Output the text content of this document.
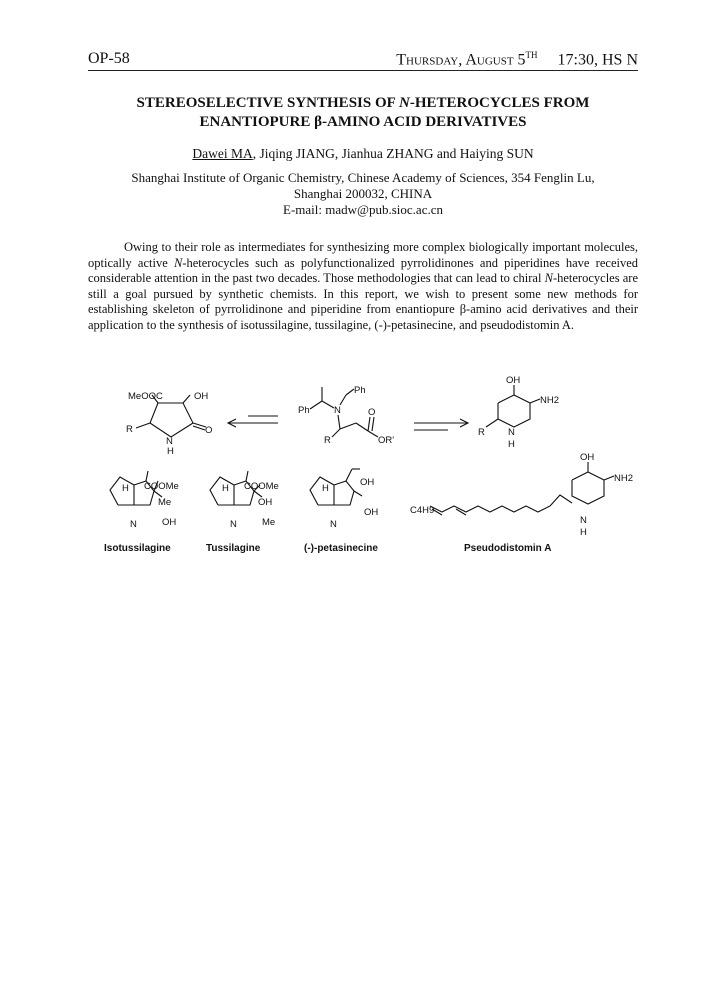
OP-58	Thursday, August 5TH 17:30, HS N
STEREOSELECTIVE SYNTHESIS OF N-HETEROCYCLES FROM
ENANTIOPURE β-AMINO ACID DERIVATIVES
Dawei MA, Jiqing JIANG, Jianhua ZHANG and Haiying SUN
Shanghai Institute of Organic Chemistry, Chinese Academy of Sciences, 354 Fenglin Lu,
Shanghai 200032, CHINA
E-mail: madw@pub.sioc.ac.cn

Owing to their role as intermediates for synthesizing more complex biologically important molecules, optically active N-heterocycles such as polyfunctionalized pyrrolidinones and piperidines have received considerable attention in the past two decades. Those methodologies that can lead to chiral N-heterocycles are still a goal pursued by synthetic chemists. In this report, we wish to present some new methods for establishing skeleton of pyrrolidinone and piperidine from enantiopure β-amino acid derivatives and their application to the synthesis of isotussilagine, tussilagine, (-)-petasinecine, and pseudodistomin A.

MeOOC	OH
R
N
H
O
Ph
Ph	N
R
O
OR'
OH
NH2
R N
H
H COOMe
Me
OH
N
H COOMe
OH
Me
N
H
OH
OH
N
C4H9
OH
NH2
N
H
Isotussilagine	Tussilagine	(-)-petasinecine	Pseudodistomin A
